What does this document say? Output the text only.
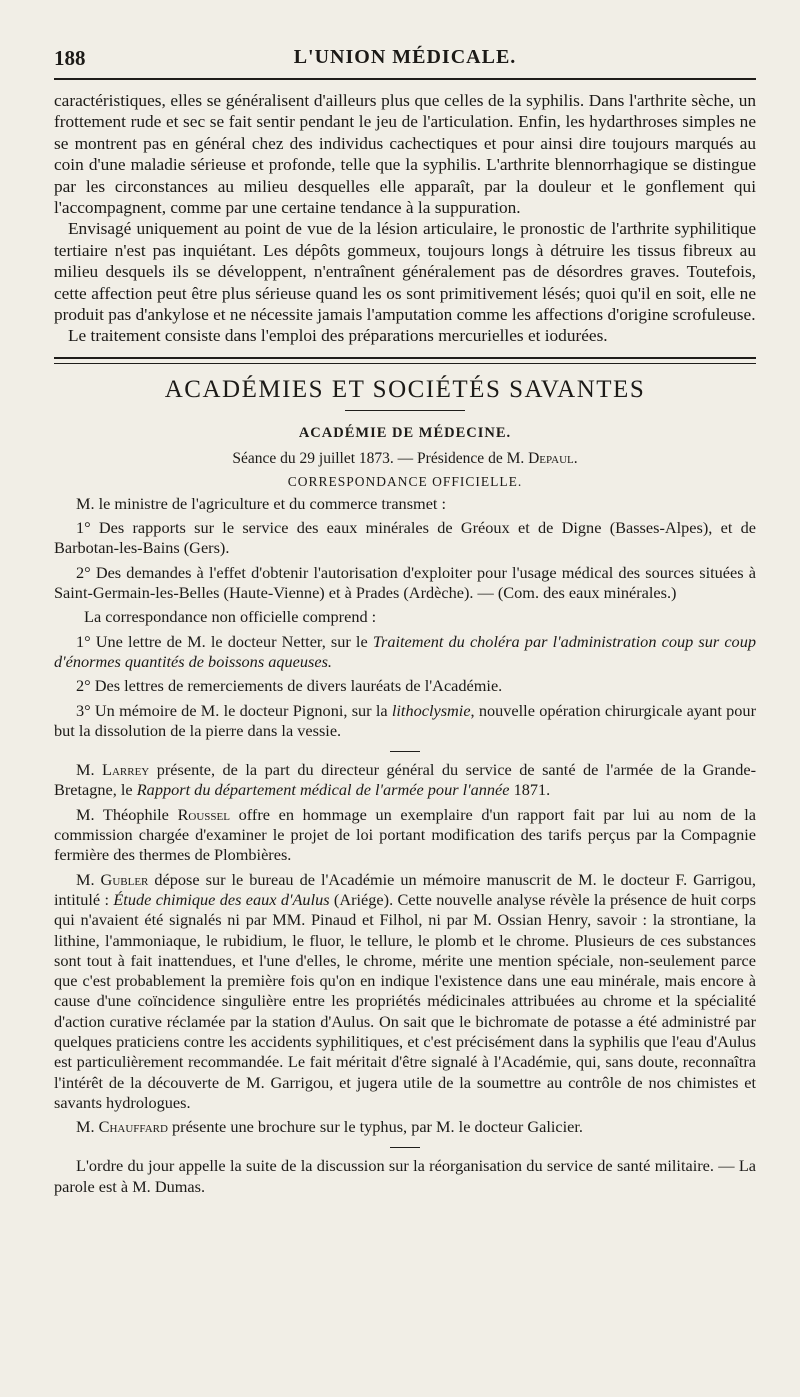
188	L'UNION MÉDICALE.

caractéristiques, elles se généralisent d'ailleurs plus que celles de la syphilis. Dans l'arthrite sèche, un frottement rude et sec se fait sentir pendant le jeu de l'articulation. Enfin, les hydarthroses simples ne se montrent pas en général chez des individus cachectiques et pour ainsi dire toujours marqués au coin d'une maladie sérieuse et profonde, telle que la syphilis. L'arthrite blennorrhagique se distingue par les circonstances au milieu desquelles elle apparaît, par la douleur et le gonflement qui l'accompagnent, comme par une certaine tendance à la suppuration.

Envisagé uniquement au point de vue de la lésion articulaire, le pronostic de l'arthrite syphilitique tertiaire n'est pas inquiétant. Les dépôts gommeux, toujours longs à détruire les tissus fibreux au milieu desquels ils se développent, n'entraînent généralement pas de désordres graves. Toutefois, cette affection peut être plus sérieuse quand les os sont primitivement lésés; quoi qu'il en soit, elle ne produit pas d'ankylose et ne nécessite jamais l'amputation comme les affections d'origine scrofuleuse.

Le traitement consiste dans l'emploi des préparations mercurielles et iodurées.

ACADÉMIES ET SOCIÉTÉS SAVANTES
ACADÉMIE DE MÉDECINE.
Séance du 29 juillet 1873. — Présidence de M. Depaul.
CORRESPONDANCE OFFICIELLE.

M. le ministre de l'agriculture et du commerce transmet :

1° Des rapports sur le service des eaux minérales de Gréoux et de Digne (Basses-Alpes), et de Barbotan-les-Bains (Gers).

2° Des demandes à l'effet d'obtenir l'autorisation d'exploiter pour l'usage médical des sources situées à Saint-Germain-les-Belles (Haute-Vienne) et à Prades (Ardèche). — (Com. des eaux minérales.)

La correspondance non officielle comprend :

1° Une lettre de M. le docteur Netter, sur le Traitement du choléra par l'administration coup sur coup d'énormes quantités de boissons aqueuses.

2° Des lettres de remerciements de divers lauréats de l'Académie.

3° Un mémoire de M. le docteur Pignoni, sur la lithoclysmie, nouvelle opération chirurgicale ayant pour but la dissolution de la pierre dans la vessie.

M. Larrey présente, de la part du directeur général du service de santé de l'armée de la Grande-Bretagne, le Rapport du département médical de l'armée pour l'année 1871.

M. Théophile Roussel offre en hommage un exemplaire d'un rapport fait par lui au nom de la commission chargée d'examiner le projet de loi portant modification des tarifs perçus par la Compagnie fermière des thermes de Plombières.

M. Gubler dépose sur le bureau de l'Académie un mémoire manuscrit de M. le docteur F. Garrigou, intitulé : Étude chimique des eaux d'Aulus (Ariége). Cette nouvelle analyse révèle la présence de huit corps qui n'avaient été signalés ni par MM. Pinaud et Filhol, ni par M. Ossian Henry, savoir : la strontiane, la lithine, l'ammoniaque, le rubidium, le fluor, le tellure, le plomb et le chrome. Plusieurs de ces substances sont tout à fait inattendues, et l'une d'elles, le chrome, mérite une mention spéciale, non-seulement parce que c'est probablement la première fois qu'on en indique l'existence dans une eau minérale, mais encore à cause d'une coïncidence singulière entre les propriétés médicinales attribuées au chrome et la spécialité d'action curative réclamée par la station d'Aulus. On sait que le bichromate de potasse a été administré par quelques praticiens contre les accidents syphilitiques, et c'est précisément dans la syphilis que l'eau d'Aulus est particulièrement recommandée. Le fait méritait d'être signalé à l'Académie, qui, sans doute, reconnaîtra l'intérêt de la découverte de M. Garrigou, et jugera utile de la soumettre au contrôle de nos chimistes et savants hydrologues.

M. Chauffard présente une brochure sur le typhus, par M. le docteur Galicier.

L'ordre du jour appelle la suite de la discussion sur la réorganisation du service de santé militaire. — La parole est à M. Dumas.
